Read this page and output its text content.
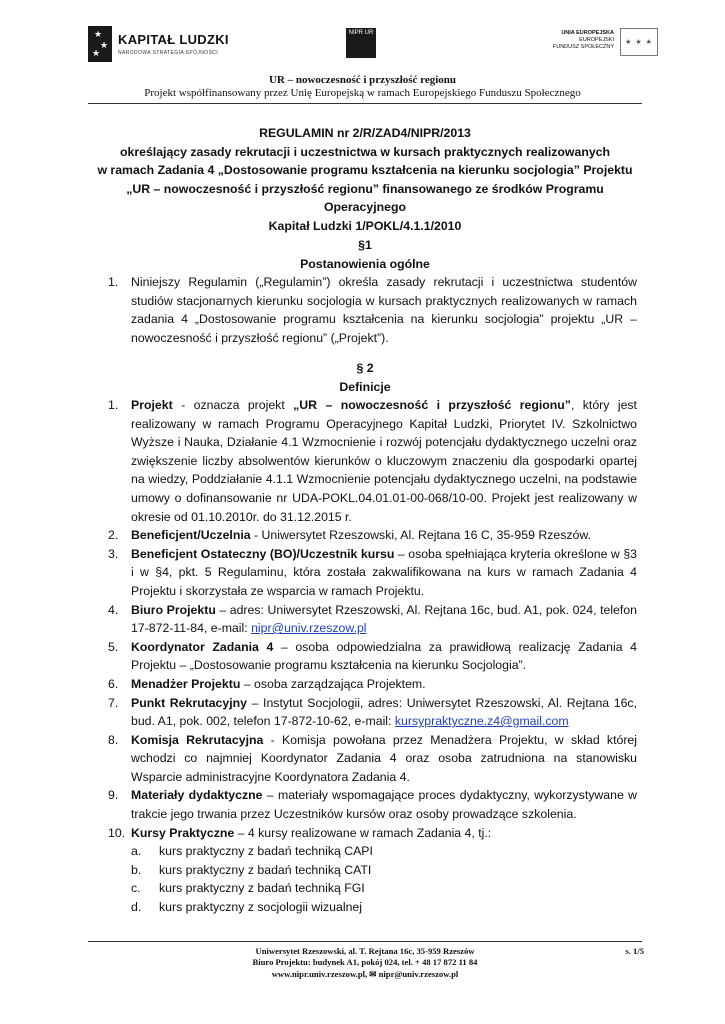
★
★
★
KAPITAŁ LUDZKI
NARODOWA STRATEGIA SPÓJNOŚCI
NIPR UR	UNIA EUROPEJSKA
EUROPEJSKI
FUNDUSZ SPOŁECZNY
★ ★ ★
UR – nowoczesność i przyszłość regionu
Projekt współfinansowany przez Unię Europejską w ramach Europejskiego Funduszu Społecznego
REGULAMIN nr 2/R/ZAD4/NIPR/2013
określający zasady rekrutacji i uczestnictwa w kursach praktycznych realizowanych
w ramach Zadania 4 „Dostosowanie programu kształcenia na kierunku socjologia” Projektu
„UR – nowoczesność i przyszłość regionu” finansowanego ze środków Programu Operacyjnego
Kapitał Ludzki 1/POKL/4.1.1/2010
§1
Postanowienia ogólne
1. Niniejszy Regulamin („Regulamin”) określa zasady rekrutacji i uczestnictwa studentów studiów stacjonarnych kierunku socjologia w kursach praktycznych realizowanych w ramach zadania 4 „Dostosowanie programu kształcenia na kierunku socjologia” projektu „UR – nowoczesność i przyszłość regionu” („Projekt”).
§ 2
Definicje
1. Projekt - oznacza projekt „UR – nowoczesność i przyszłość regionu”, który jest realizowany w ramach Programu Operacyjnego Kapitał Ludzki, Priorytet IV. Szkolnictwo Wyższe i Nauka, Działanie 4.1 Wzmocnienie i rozwój potencjału dydaktycznego uczelni oraz zwiększenie liczby absolwentów kierunków o kluczowym znaczeniu dla gospodarki opartej na wiedzy, Poddziałanie 4.1.1 Wzmocnienie potencjału dydaktycznego uczelni, na podstawie umowy o dofinansowanie nr UDA-POKL.04.01.01-00-068/10-00. Projekt jest realizowany w okresie od 01.10.2010r. do 31.12.2015 r.
2. Beneficjent/Uczelnia - Uniwersytet Rzeszowski, Al. Rejtana 16 C, 35-959 Rzeszów.
3. Beneficjent Ostateczny (BO)/Uczestnik kursu – osoba spełniająca kryteria określone w §3 i w §4, pkt. 5 Regulaminu, która została zakwalifikowana na kurs w ramach Zadania 4 Projektu i skorzystała ze wsparcia w ramach Projektu.
4. Biuro Projektu – adres: Uniwersytet Rzeszowski, Al. Rejtana 16c, bud. A1, pok. 024, telefon 17-872-11-84, e-mail: nipr@univ.rzeszow.pl
5. Koordynator Zadania 4 – osoba odpowiedzialna za prawidłową realizację Zadania 4 Projektu – „Dostosowanie programu kształcenia na kierunku Socjologia”.
6. Menadżer Projektu – osoba zarządzająca Projektem.
7. Punkt Rekrutacyjny – Instytut Socjologii, adres: Uniwersytet Rzeszowski, Al. Rejtana 16c, bud. A1, pok. 002, telefon 17-872-10-62, e-mail: kursypraktyczne.z4@gmail.com
8. Komisja Rekrutacyjna - Komisja powołana przez Menadżera Projektu, w skład której wchodzi co najmniej Koordynator Zadania 4 oraz osoba zatrudniona na stanowisku Wsparcie administracyjne Koordynatora Zadania 4.
9. Materiały dydaktyczne – materiały wspomagające proces dydaktyczny, wykorzystywane w trakcie jego trwania przez Uczestników kursów oraz osoby prowadzące szkolenia.
10. Kursy Praktyczne – 4 kursy realizowane w ramach Zadania 4, tj.:
a. kurs praktyczny z badań techniką CAPI
b. kurs praktyczny z badań techniką CATI
c. kurs praktyczny z badań techniką FGI
d. kurs praktyczny z socjologii wizualnej
Uniwersytet Rzeszowski, al. T. Rejtana 16c, 35-959 Rzeszów
Biuro Projektu: budynek A1, pokój 024, tel. + 48 17 872 11 84
www.nipr.univ.rzeszow.pl, ✉ nipr@univ.rzeszow.pl
s. 1/5
